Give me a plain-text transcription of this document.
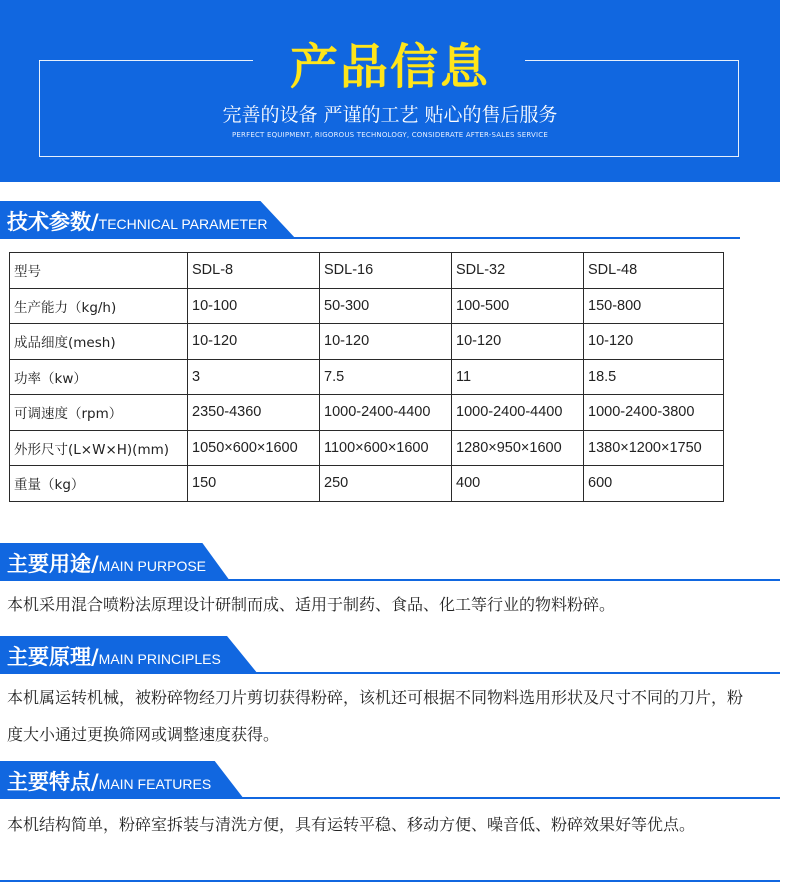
产品信息
完善的设备 严谨的工艺 贴心的售后服务
PERFECT EQUIPMENT, RIGOROUS TECHNOLOGY, CONSIDERATE AFTER-SALES SERVICE
技术参数/TECHNICAL PARAMETER
型号	SDL-8	SDL-16	SDL-32	SDL-48
生产能力（kg/h)	10-100	50-300	100-500	150-800
成品细度(mesh)	10-120	10-120	10-120	10-120
功率（kw）	3	7.5	11	18.5
可调速度（rpm）	2350-4360	1000-2400-4400	1000-2400-4400	1000-2400-3800
外形尺寸(L×W×H)(mm)	1050×600×1600	1100×600×1600	1280×950×1600	1380×1200×1750
重量（kg）	150	250	400	600
主要用途/MAIN PURPOSE
本机采用混合喷粉法原理设计研制而成、适用于制药、食品、化工等行业的物料粉碎。
主要原理/MAIN PRINCIPLES
本机属运转机械，被粉碎物经刀片剪切获得粉碎，该机还可根据不同物料选用形状及尺寸不同的刀片，粉度大小通过更换筛网或调整速度获得。
主要特点/MAIN FEATURES
本机结构简单，粉碎室拆装与清洗方便，具有运转平稳、移动方便、噪音低、粉碎效果好等优点。
